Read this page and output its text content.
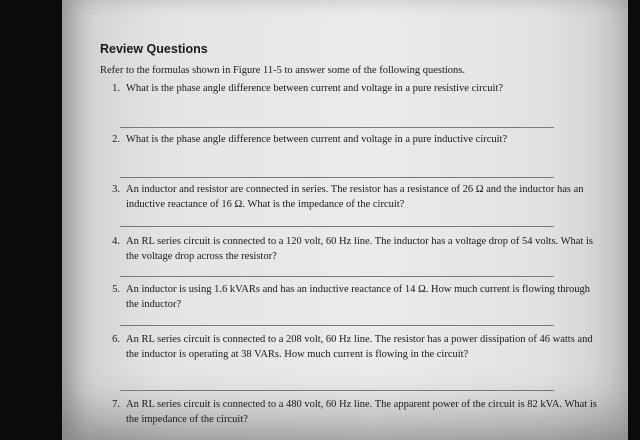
Review Questions
Refer to the formulas shown in Figure 11-5 to answer some of the following questions.
1. What is the phase angle difference between current and voltage in a pure resistive circuit?
2. What is the phase angle difference between current and voltage in a pure inductive circuit?
3. An inductor and resistor are connected in series. The resistor has a resistance of 26 Ω and the inductor has an inductive reactance of 16 Ω. What is the impedance of the circuit?
4. An RL series circuit is connected to a 120 volt, 60 Hz line. The inductor has a voltage drop of 54 volts. What is the voltage drop across the resistor?
5. An inductor is using 1.6 kVARs and has an inductive reactance of 14 Ω. How much current is flowing through the inductor?
6. An RL series circuit is connected to a 208 volt, 60 Hz line. The resistor has a power dissipation of 46 watts and the inductor is operating at 38 VARs. How much current is flowing in the circuit?
7. An RL series circuit is connected to a 480 volt, 60 Hz line. The apparent power of the circuit is 82 kVA. What is the impedance of the circuit?
